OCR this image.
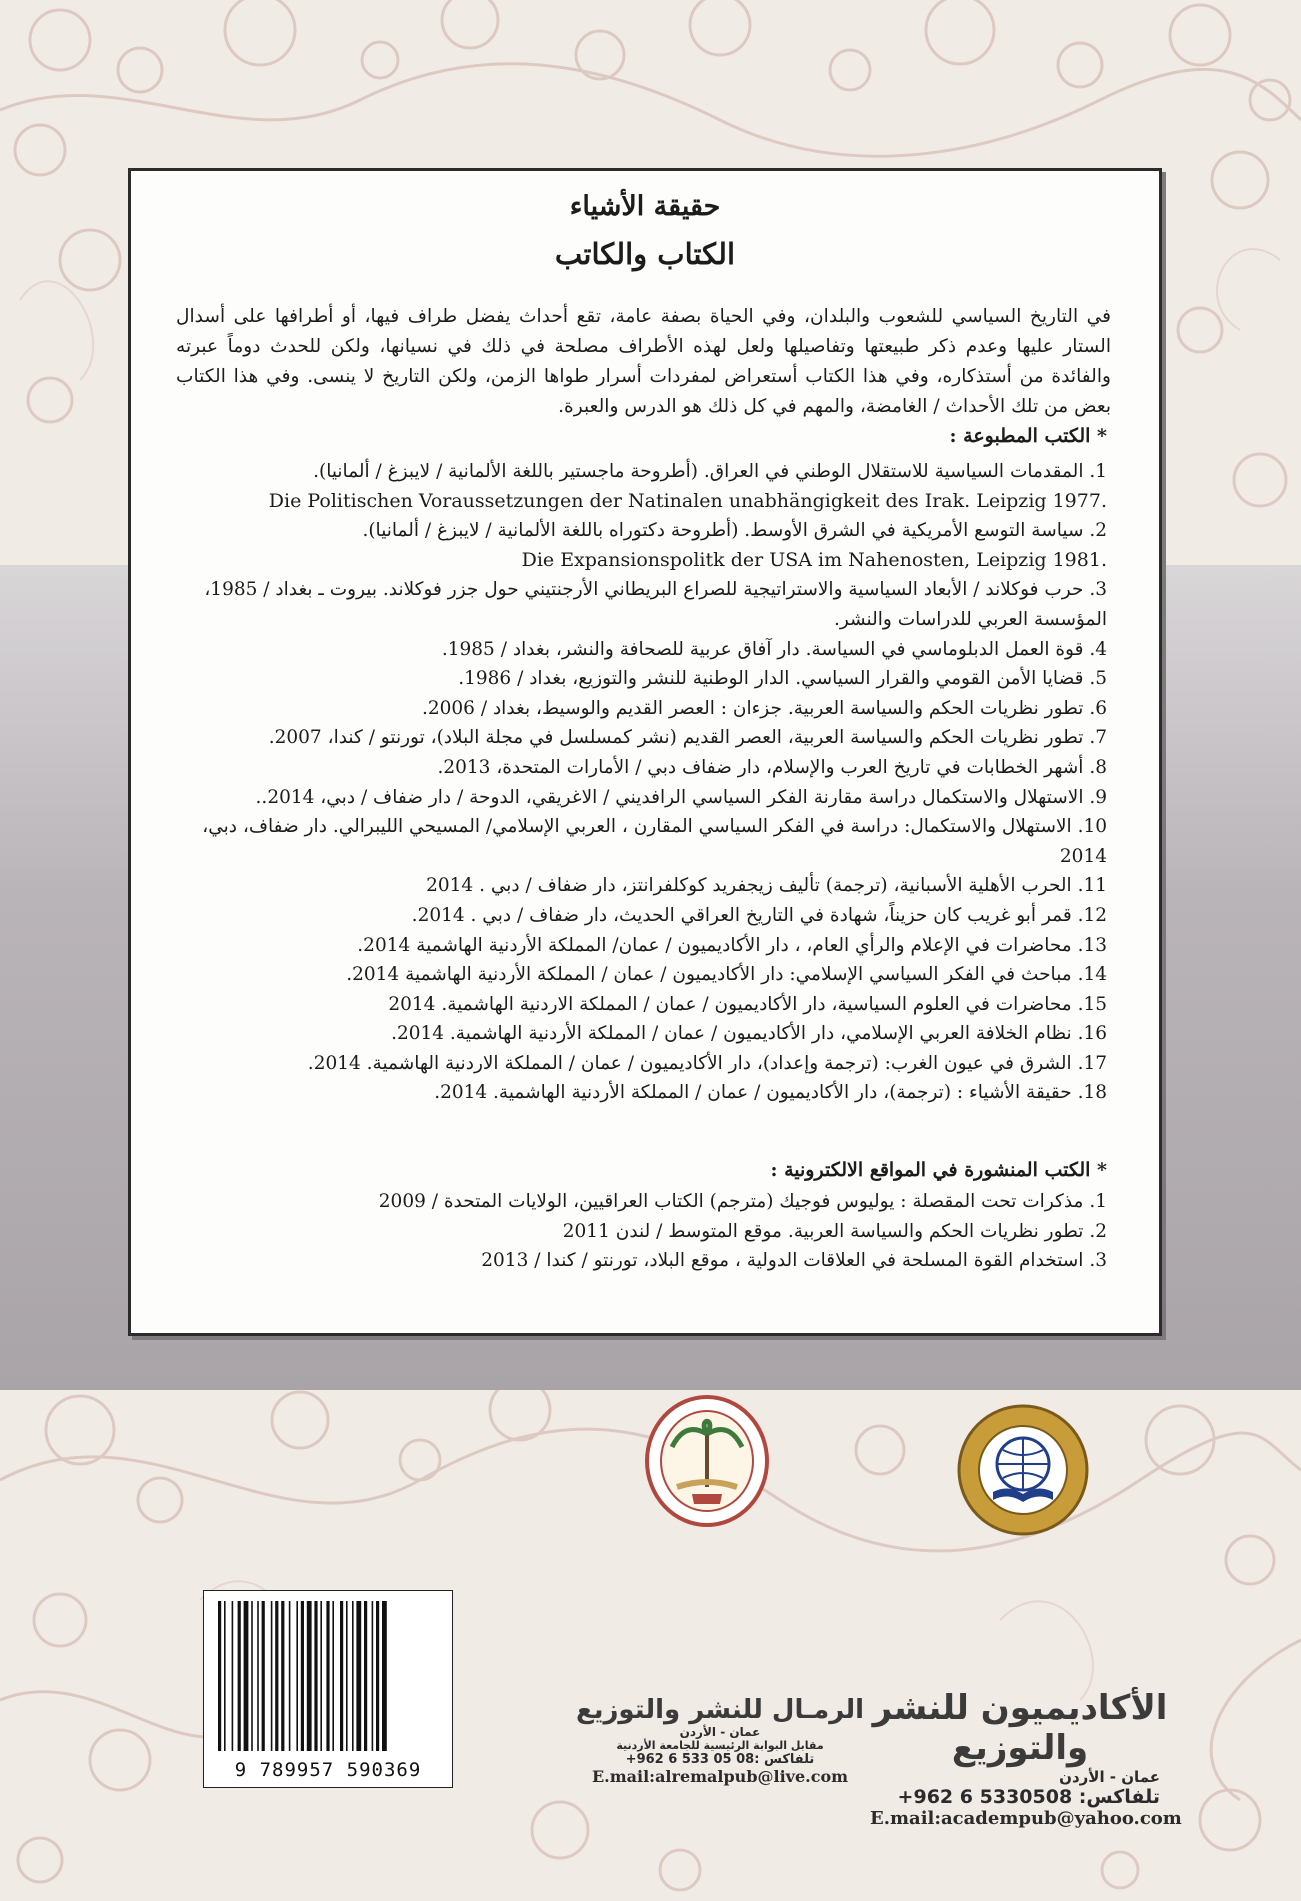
حقيقة الأشياء
الكتاب والكاتب

في التاريخ السياسي للشعوب والبلدان، وفي الحياة بصفة عامة، تقع أحداث يفضل طراف فيها، أو أطرافها على أسدال الستار عليها وعدم ذكر طبيعتها وتفاصيلها ولعل لهذه الأطراف مصلحة في ذلك في نسيانها، ولكن للحدث دوماً عبرته والفائدة من أستذكاره، وفي هذا الكتاب أستعراض لمفردات أسرار طواها الزمن، ولكن التاريخ لا ينسى. وفي هذا الكتاب بعض من تلك الأحداث / الغامضة، والمهم في كل ذلك هو الدرس والعبرة.

* الكتب المطبوعة :
1. المقدمات السياسية للاستقلال الوطني في العراق. (أطروحة ماجستير باللغة الألمانية / لايبزغ / ألمانيا).
Die Politischen Voraussetzungen der Natinalen unabhängigkeit des Irak. Leipzig 1977.
2. سياسة التوسع الأمريكية في الشرق الأوسط. (أطروحة دكتوراه باللغة الألمانية / لايبزغ / ألمانيا).
Die Expansionspolitk der USA im Nahenosten, Leipzig 1981.
3. حرب فوكلاند / الأبعاد السياسية والاستراتيجية للصراع البريطاني الأرجنتيني حول جزر فوكلاند. بيروت ـ بغداد / 1985، المؤسسة العربي للدراسات والنشر.
4. قوة العمل الدبلوماسي في السياسة. دار آفاق عربية للصحافة والنشر، بغداد / 1985.
5. قضايا الأمن القومي والقرار السياسي. الدار الوطنية للنشر والتوزيع، بغداد / 1986.
6. تطور نظريات الحكم والسياسة العربية. جزءان : العصر القديم والوسيط، بغداد / 2006.
7. تطور نظريات الحكم والسياسة العربية، العصر القديم (نشر كمسلسل في مجلة البلاد)، تورنتو / كندا، 2007.
8. أشهر الخطابات في تاريخ العرب والإسلام، دار ضفاف دبي / الأمارات المتحدة، 2013.
9. الاستهلال والاستكمال دراسة مقارنة الفكر السياسي الرافديني / الاغريقي، الدوحة / دار ضفاف / دبي، 2014..
10. الاستهلال والاستكمال: دراسة في الفكر السياسي المقارن ، العربي الإسلامي/ المسيحي الليبرالي. دار ضفاف، دبي، 2014
11. الحرب الأهلية الأسبانية، (ترجمة) تأليف زيجفريد كوكلفرانتز، دار ضفاف / دبي . 2014
12. قمر أبو غريب كان حزيناً، شهادة في التاريخ العراقي الحديث، دار ضفاف / دبي . 2014.
13. محاضرات في الإعلام والرأي العام، ، دار الأكاديميون / عمان/ المملكة الأردنية الهاشمية 2014.
14. مباحث في الفكر السياسي الإسلامي: دار الأكاديميون / عمان / المملكة الأردنية الهاشمية 2014.
15. محاضرات في العلوم السياسية، دار الأكاديميون / عمان / المملكة الاردنية الهاشمية. 2014
16. نظام الخلافة العربي الإسلامي، دار الأكاديميون / عمان / المملكة الأردنية الهاشمية. 2014.
17. الشرق في عيون الغرب: (ترجمة وإعداد)، دار الأكاديميون / عمان / المملكة الاردنية الهاشمية. 2014.
18. حقيقة الأشياء : (ترجمة)، دار الأكاديميون / عمان / المملكة الأردنية الهاشمية. 2014.
* الكتب المنشورة في المواقع الالكترونية :
1. مذكرات تحت المقصلة : يوليوس فوجيك (مترجم) الكتاب العراقيين، الولايات المتحدة / 2009
2. تطور نظريات الحكم والسياسة العربية. موقع المتوسط / لندن 2011
3. استخدام القوة المسلحة في العلاقات الدولية ، موقع البلاد، تورنتو / كندا / 2013
9 789957 590369
الرمـال للنشر والتوزيع
عمان - الأردن
مقابل البوابة الرئيسية للجامعة الأردنية
تلفاكس :08 05 533 6 962+
E.mail:alremalpub@live.com
الأكاديميون للنشر والتوزيع
عمان - الأردن
تلفاكس: 5330508 6 962+
E.mail:academpub@yahoo.com
